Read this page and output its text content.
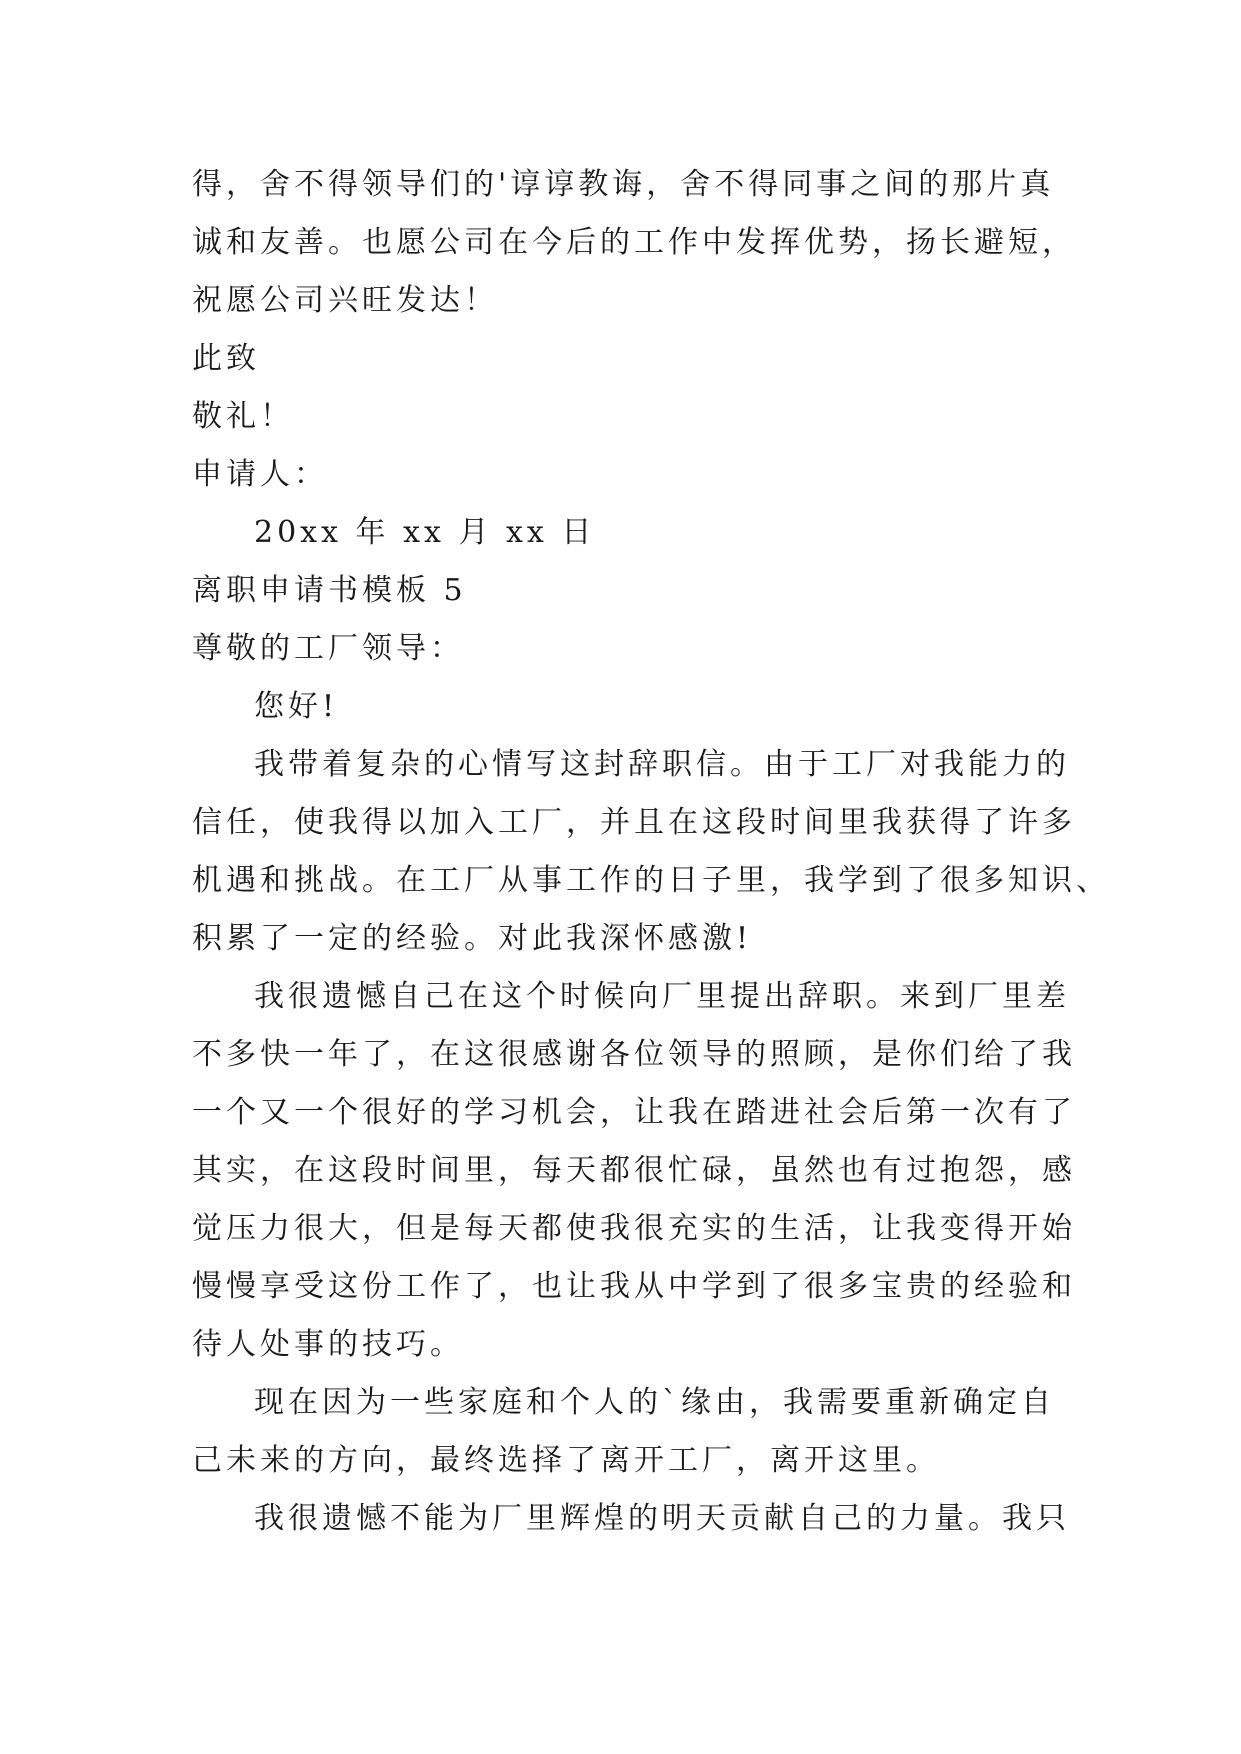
得，舍不得领导们的'谆谆教诲，舍不得同事之间的那片真
诚和友善。也愿公司在今后的工作中发挥优势，扬长避短，
祝愿公司兴旺发达！
此致
敬礼！
申请人：
20xx 年 xx 月 xx 日
离职申请书模板 5
尊敬的工厂领导：
您好!
我带着复杂的心情写这封辞职信。由于工厂对我能力的
信任，使我得以加入工厂，并且在这段时间里我获得了许多
机遇和挑战。在工厂从事工作的日子里，我学到了很多知识、
积累了一定的经验。对此我深怀感激!
我很遗憾自己在这个时候向厂里提出辞职。来到厂里差
不多快一年了，在这很感谢各位领导的照顾，是你们给了我
一个又一个很好的学习机会，让我在踏进社会后第一次有了
其实，在这段时间里，每天都很忙碌，虽然也有过抱怨，感
觉压力很大，但是每天都使我很充实的生活，让我变得开始
慢慢享受这份工作了，也让我从中学到了很多宝贵的经验和
待人处事的技巧。
现在因为一些家庭和个人的`缘由，我需要重新确定自
己未来的方向，最终选择了离开工厂，离开这里。
我很遗憾不能为厂里辉煌的明天贡献自己的力量。我只
